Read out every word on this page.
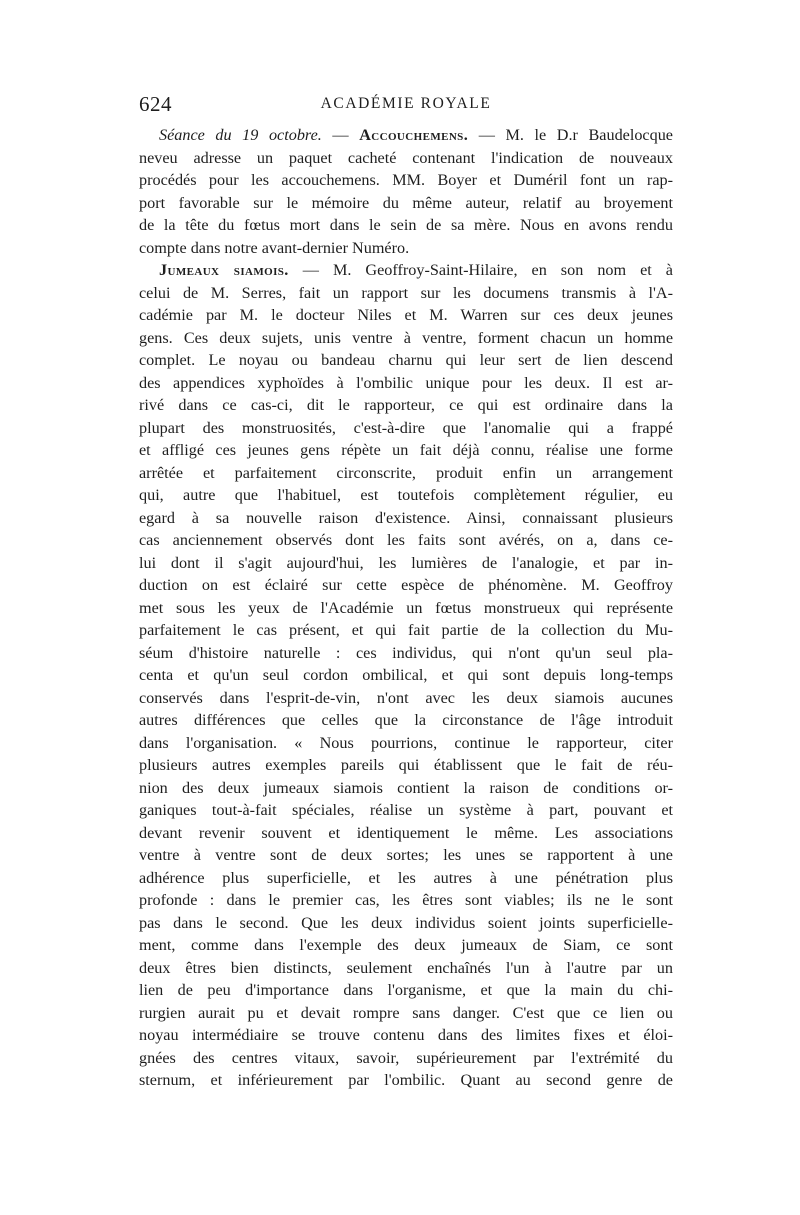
624	ACADÉMIE ROYALE
Séance du 19 octobre. — Accouchemens. — M. le D.r Baudelocque
neveu adresse un paquet cacheté contenant l'indication de nouveaux
procédés pour les accouchemens. MM. Boyer et Duméril font un rap-
port favorable sur le mémoire du même auteur, relatif au broyement
de la tête du fœtus mort dans le sein de sa mère. Nous en avons rendu
compte dans notre avant-dernier Numéro.
Jumeaux siamois. — M. Geoffroy-Saint-Hilaire, en son nom et à
celui de M. Serres, fait un rapport sur les documens transmis à l'A-
cadémie par M. le docteur Niles et M. Warren sur ces deux jeunes
gens. Ces deux sujets, unis ventre à ventre, forment chacun un homme
complet. Le noyau ou bandeau charnu qui leur sert de lien descend
des appendices xyphoïdes à l'ombilic unique pour les deux. Il est ar-
rivé dans ce cas-ci, dit le rapporteur, ce qui est ordinaire dans la
plupart des monstruosités, c'est-à-dire que l'anomalie qui a frappé
et affligé ces jeunes gens répète un fait déjà connu, réalise une forme
arrêtée et parfaitement circonscrite, produit enfin un arrangement
qui, autre que l'habituel, est toutefois complètement régulier, eu
egard à sa nouvelle raison d'existence. Ainsi, connaissant plusieurs
cas anciennement observés dont les faits sont avérés, on a, dans ce-
lui dont il s'agit aujourd'hui, les lumières de l'analogie, et par in-
duction on est éclairé sur cette espèce de phénomène. M. Geoffroy
met sous les yeux de l'Académie un fœtus monstrueux qui représente
parfaitement le cas présent, et qui fait partie de la collection du Mu-
séum d'histoire naturelle : ces individus, qui n'ont qu'un seul pla-
centa et qu'un seul cordon ombilical, et qui sont depuis long-temps
conservés dans l'esprit-de-vin, n'ont avec les deux siamois aucunes
autres différences que celles que la circonstance de l'âge introduit
dans l'organisation. « Nous pourrions, continue le rapporteur, citer
plusieurs autres exemples pareils qui établissent que le fait de réu-
nion des deux jumeaux siamois contient la raison de conditions or-
ganiques tout-à-fait spéciales, réalise un système à part, pouvant et
devant revenir souvent et identiquement le même. Les associations
ventre à ventre sont de deux sortes; les unes se rapportent à une
adhérence plus superficielle, et les autres à une pénétration plus
profonde : dans le premier cas, les êtres sont viables; ils ne le sont
pas dans le second. Que les deux individus soient joints superficielle-
ment, comme dans l'exemple des deux jumeaux de Siam, ce sont
deux êtres bien distincts, seulement enchaînés l'un à l'autre par un
lien de peu d'importance dans l'organisme, et que la main du chi-
rurgien aurait pu et devait rompre sans danger. C'est que ce lien ou
noyau intermédiaire se trouve contenu dans des limites fixes et éloi-
gnées des centres vitaux, savoir, supérieurement par l'extrémité du
sternum, et inférieurement par l'ombilic. Quant au second genre de
